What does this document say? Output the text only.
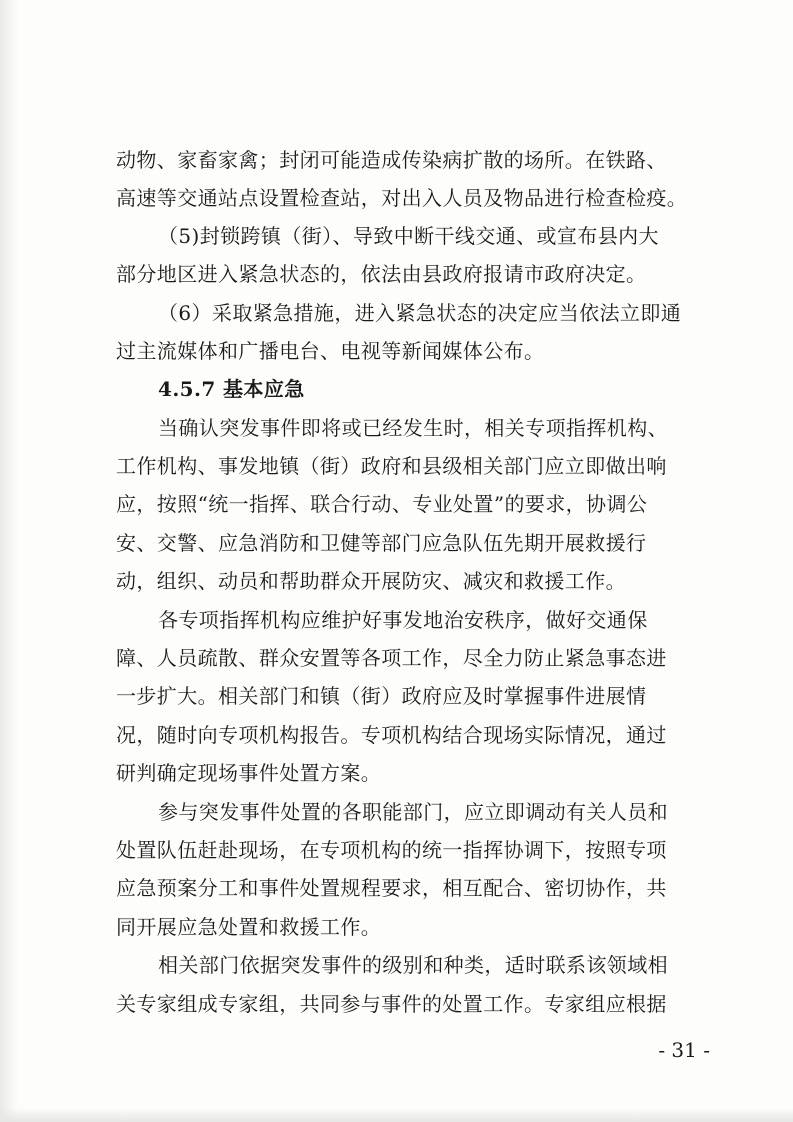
动物、家畜家禽；封闭可能造成传染病扩散的场所。在铁路、
高速等交通站点设置检查站，对出入人员及物品进行检查检疫。
（5)封锁跨镇（街）、导致中断干线交通、或宣布县内大
部分地区进入紧急状态的，依法由县政府报请市政府决定。
（6）采取紧急措施，进入紧急状态的决定应当依法立即通
过主流媒体和广播电台、电视等新闻媒体公布。
4.5.7 基本应急
当确认突发事件即将或已经发生时，相关专项指挥机构、
工作机构、事发地镇（街）政府和县级相关部门应立即做出响
应，按照“统一指挥、联合行动、专业处置”的要求，协调公
安、交警、应急消防和卫健等部门应急队伍先期开展救援行
动，组织、动员和帮助群众开展防灾、减灾和救援工作。
各专项指挥机构应维护好事发地治安秩序，做好交通保
障、人员疏散、群众安置等各项工作，尽全力防止紧急事态进
一步扩大。相关部门和镇（街）政府应及时掌握事件进展情
况，随时向专项机构报告。专项机构结合现场实际情况，通过
研判确定现场事件处置方案。
参与突发事件处置的各职能部门，应立即调动有关人员和
处置队伍赶赴现场，在专项机构的统一指挥协调下，按照专项
应急预案分工和事件处置规程要求，相互配合、密切协作，共
同开展应急处置和救援工作。
相关部门依据突发事件的级别和种类，适时联系该领域相
关专家组成专家组，共同参与事件的处置工作。专家组应根据
- 31 -
